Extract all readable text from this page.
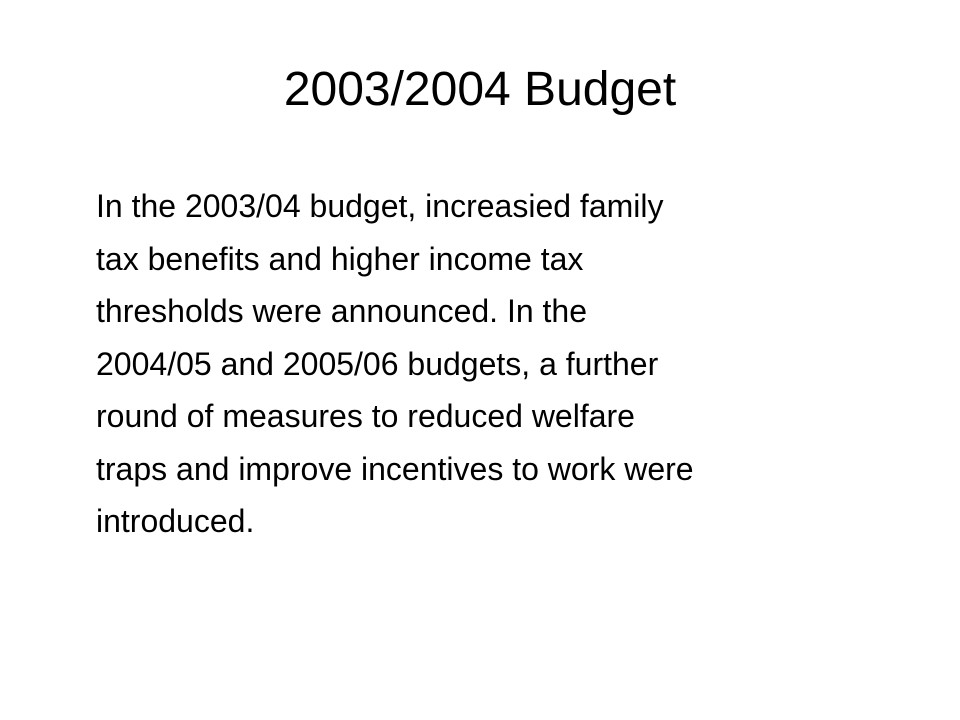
2003/2004 Budget
In the 2003/04 budget, increasied family
tax benefits and higher income tax
thresholds were announced. In the
2004/05 and 2005/06 budgets, a further
round of measures to reduced welfare
traps and improve incentives to work were
introduced.
